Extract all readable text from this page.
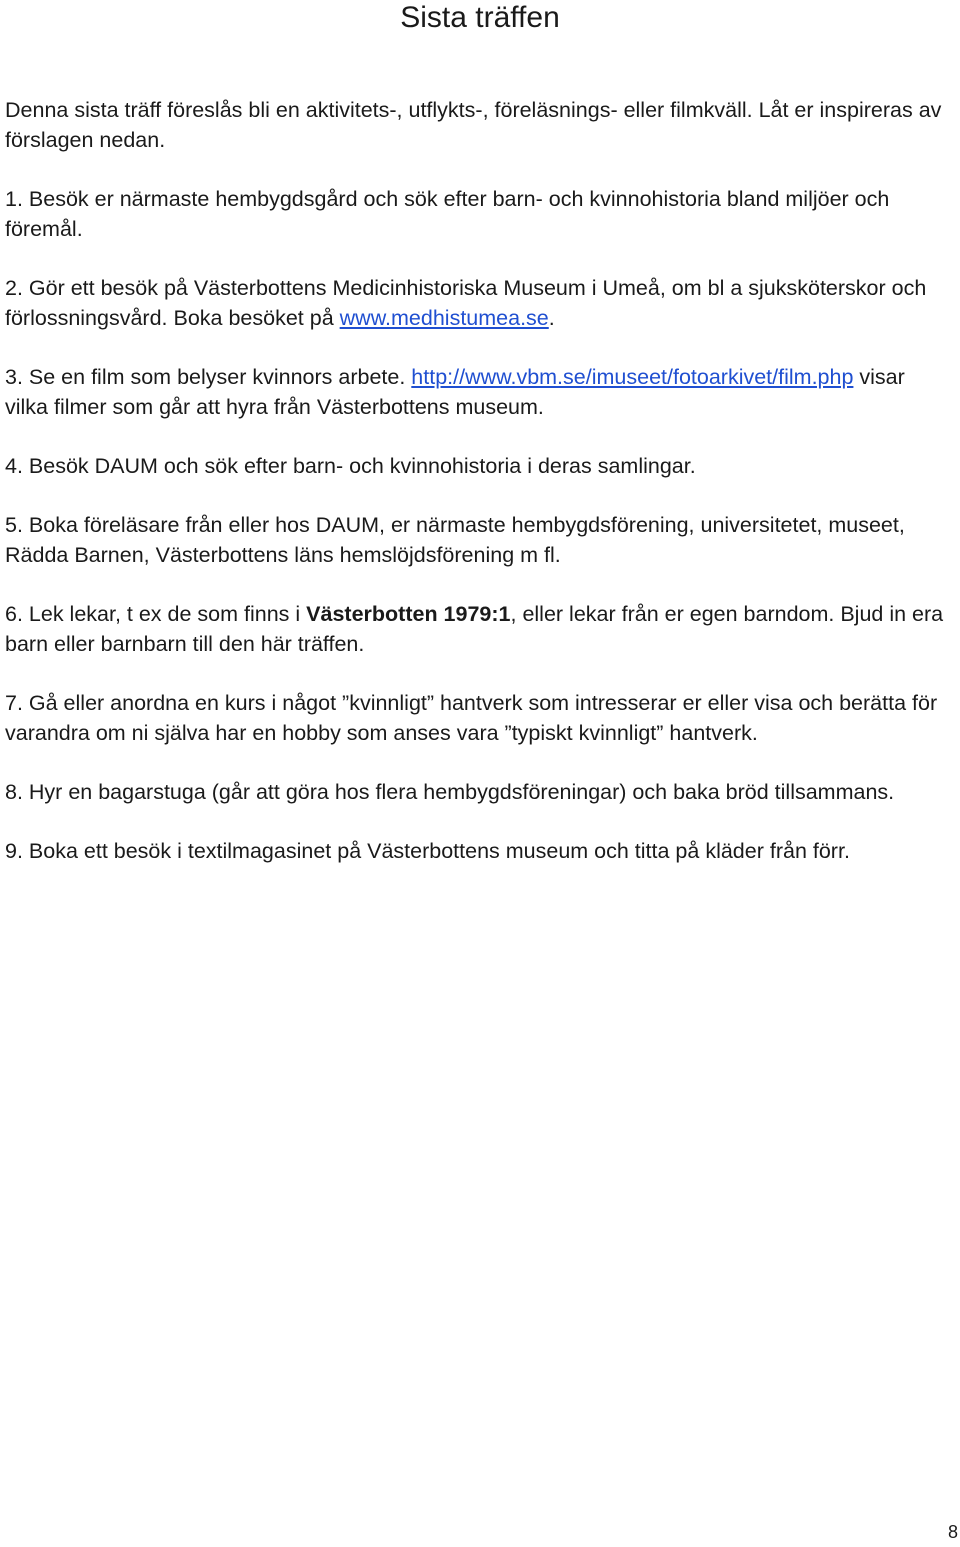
Sista träffen

Denna sista träff föreslås bli en aktivitets-, utflykts-, föreläsnings- eller filmkväll. Låt er inspireras av förslagen nedan.

1. Besök er närmaste hembygdsgård och sök efter barn- och kvinnohistoria bland miljöer och föremål.

2. Gör ett besök på Västerbottens Medicinhistoriska Museum i Umeå, om bl a sjuksköterskor och förlossningsvård. Boka besöket på www.medhistumea.se.

3. Se en film som belyser kvinnors arbete. http://www.vbm.se/imuseet/fotoarkivet/film.php visar vilka filmer som går att hyra från Västerbottens museum.

4. Besök DAUM och sök efter barn- och kvinnohistoria i deras samlingar.

5. Boka föreläsare från eller hos DAUM, er närmaste hembygdsförening, universitetet, museet, Rädda Barnen, Västerbottens läns hemslöjdsförening m fl.

6. Lek lekar, t ex de som finns i Västerbotten 1979:1, eller lekar från er egen barndom. Bjud in era barn eller barnbarn till den här träffen.

7. Gå eller anordna en kurs i något ”kvinnligt” hantverk som intresserar er eller visa och berätta för varandra om ni själva har en hobby som anses vara ”typiskt kvinnligt” hantverk.

8. Hyr en bagarstuga (går att göra hos flera hembygdsföreningar) och baka bröd tillsammans.

9. Boka ett besök i textilmagasinet på Västerbottens museum och titta på kläder från förr.

8
